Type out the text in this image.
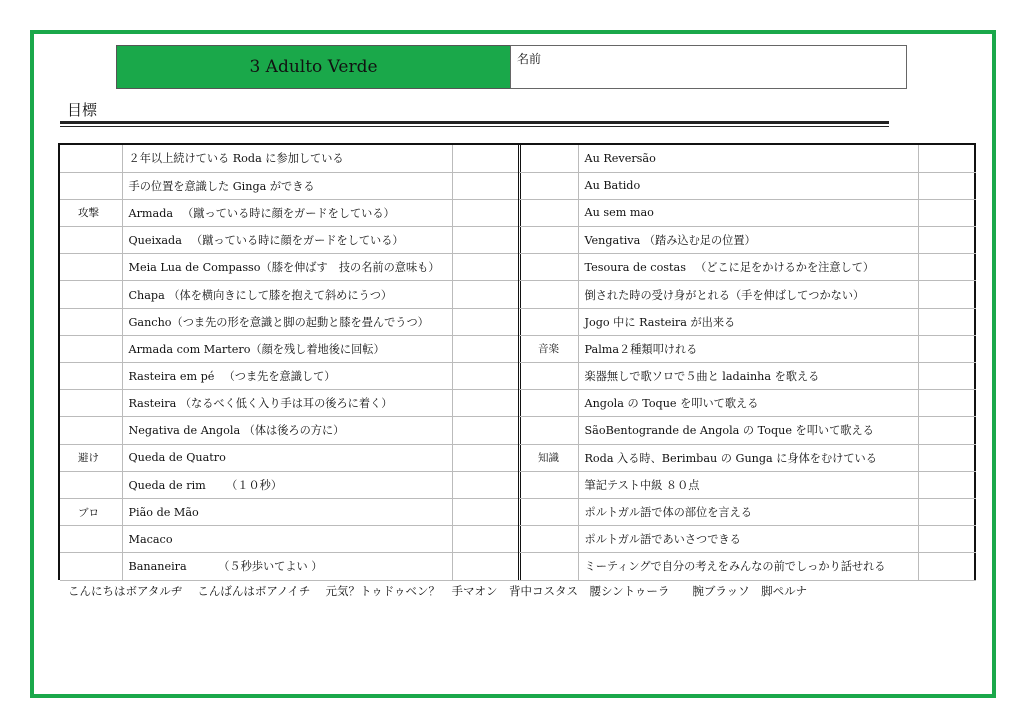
3 Adulto Verde	名前
目標
	２年以上続けている Roda に参加している	
	手の位置を意識した Ginga ができる	
攻撃	Armada 　（蹴っている時に顔をガードをしている）	
	Queixada 　（蹴っている時に顔をガードをしている）	
	Meia Lua de Compasso（膝を伸ばす　技の名前の意味も）	
	Chapa （体を横向きにして膝を抱えて斜めにうつ）	
	Gancho（つま先の形を意識と脚の起動と膝を畳んでうつ）	
	Armada com Martero（顔を残し着地後に回転）	
	Rasteira em pé 　（つま先を意識して）	
	Rasteira （なるべく低く入り手は耳の後ろに着く）	
	Negativa de Angola （体は後ろの方に）	
避け	Queda de Quatro	
	Queda de rim 　　（１０秒）	
ブロ	Pião de Mão	
	Macaco	
	Bananeira 　　　（５秒歩いてよい ）	
	Au Reversão	
	Au Batido	
	Au sem mao	
	Vengativa （踏み込む足の位置）	
	Tesoura de costas 　（どこに足をかけるかを注意して）	
	倒された時の受け身がとれる（手を伸ばしてつかない）	
	Jogo 中に Rasteira が出来る	
音楽	Palma２種類叩けれる	
	楽器無しで歌ソロで５曲と ladainha を歌える	
	Angola の Toque を叩いて歌える	
	SãoBentogrande de Angola の Toque を叩いて歌える	
知識	Roda 入る時、Berimbau の Gunga に身体をむけている	
	筆記テスト中級 ８０点	
	ポルトガル語で体の部位を言える	
	ポルトガル語であいさつできる	
	ミーティングで自分の考えをみんなの前でしっかり話せれる	
こんにちはボアタルヂ　 こんばんはボアノイチ　 元気？トゥドゥベン？　手マオン　背中コスタス　腰シントゥーラ　　腕ブラッソ　脚ペルナ
